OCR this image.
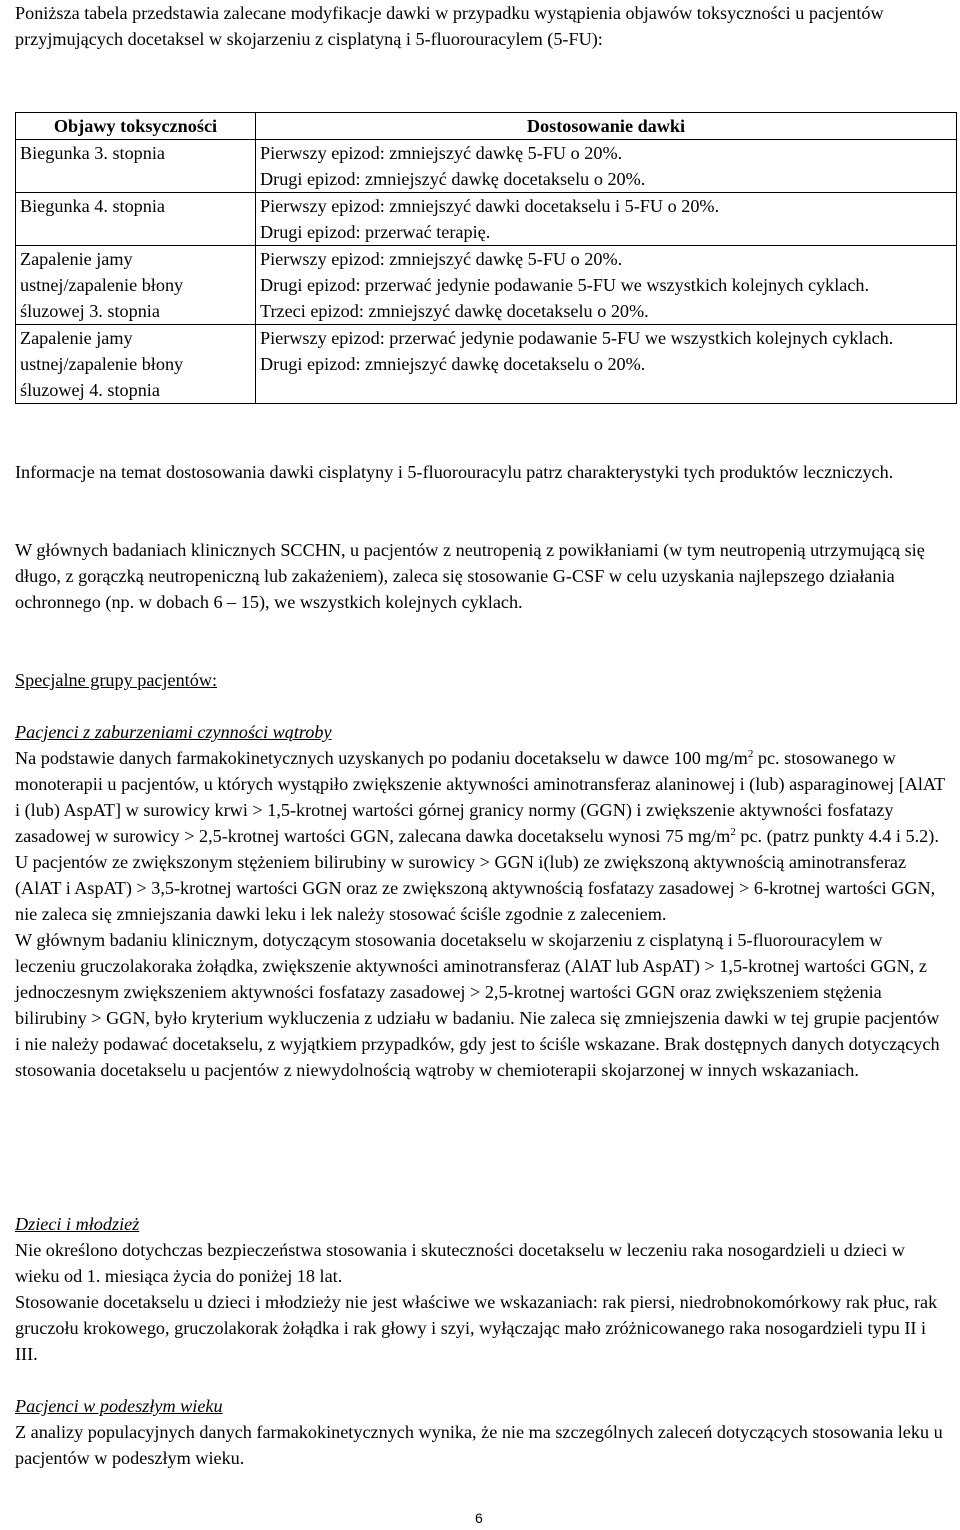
Poniższa tabela przedstawia zalecane modyfikacje dawki w przypadku wystąpienia objawów toksyczności u pacjentów przyjmujących docetaksel w skojarzeniu z cisplatyną i 5-fluorouracylem (5-FU):

Objawy toksyczności	Dostosowanie dawki
Biegunka 3. stopnia	Pierwszy epizod: zmniejszyć dawkę 5-FU o 20%.
Drugi epizod: zmniejszyć dawkę docetakselu o 20%.

Biegunka 4. stopnia	Pierwszy epizod: zmniejszyć dawki docetakselu i 5-FU o 20%.
Drugi epizod: przerwać terapię.

Zapalenie jamy ustnej/zapalenie błony śluzowej 3. stopnia	Pierwszy epizod: zmniejszyć dawkę 5-FU o 20%.
Drugi epizod: przerwać jedynie podawanie 5-FU we wszystkich kolejnych cyklach.
Trzeci epizod: zmniejszyć dawkę docetakselu o 20%.

Zapalenie jamy ustnej/zapalenie błony śluzowej 4. stopnia	Pierwszy epizod: przerwać jedynie podawanie 5-FU we wszystkich kolejnych cyklach.
Drugi epizod: zmniejszyć dawkę docetakselu o 20%.

Informacje na temat dostosowania dawki cisplatyny i 5-fluorouracylu patrz charakterystyki tych produktów leczniczych.

W głównych badaniach klinicznych SCCHN, u pacjentów z neutropenią z powikłaniami (w tym neutropenią utrzymującą się długo, z gorączką neutropeniczną lub zakażeniem), zaleca się stosowanie G-CSF w celu uzyskania najlepszego działania ochronnego (np. w dobach 6 – 15), we wszystkich kolejnych cyklach.

Specjalne grupy pacjentów:

Pacjenci z zaburzeniami czynności wątroby

Na podstawie danych farmakokinetycznych uzyskanych po podaniu docetakselu w dawce 100 $mg/m^2$ pc. stosowanego w monoterapii u pacjentów, u których wystąpiło zwiększenie aktywności aminotransferaz alaninowej i (lub) asparaginowej [AlAT i (lub) AspAT] w surowicy krwi > 1,5-krotnej wartości górnej granicy normy (GGN) i zwiększenie aktywności fosfatazy zasadowej w surowicy > 2,5-krotnej wartości GGN, zalecana dawka docetakselu wynosi 75 $mg/m^2$ pc. (patrz punkty 4.4 i 5.2). U pacjentów ze zwiększonym stężeniem bilirubiny w surowicy > GGN i(lub) ze zwiększoną aktywnością aminotransferaz (AlAT i AspAT) > 3,5-krotnej wartości GGN oraz ze zwiększoną aktywnością fosfatazy zasadowej > 6-krotnej wartości GGN, nie zaleca się zmniejszania dawki leku i lek należy stosować ściśle zgodnie z zaleceniem.

W głównym badaniu klinicznym, dotyczącym stosowania docetakselu w skojarzeniu z cisplatyną i 5-fluorouracylem w leczeniu gruczolakoraka żołądka, zwiększenie aktywności aminotransferaz (AlAT lub AspAT) > 1,5-krotnej wartości GGN, z jednoczesnym zwiększeniem aktywności fosfatazy zasadowej > 2,5-krotnej wartości GGN oraz zwiększeniem stężenia bilirubiny > GGN, było kryterium wykluczenia z udziału w badaniu. Nie zaleca się zmniejszenia dawki w tej grupie pacjentów i nie należy podawać docetakselu, z wyjątkiem przypadków, gdy jest to ściśle wskazane. Brak dostępnych danych dotyczących stosowania docetakselu u pacjentów z niewydolnością wątroby w chemioterapii skojarzonej w innych wskazaniach.

Dzieci i młodzież

Nie określono dotychczas bezpieczeństwa stosowania i skuteczności docetakselu w leczeniu raka nosogardzieli u dzieci w wieku od 1. miesiąca życia do poniżej 18 lat.

Stosowanie docetakselu u dzieci i młodzieży nie jest właściwe we wskazaniach: rak piersi, niedrobnokomórkowy rak płuc, rak gruczołu krokowego, gruczolakorak żołądka i rak głowy i szyi, wyłączając mało zróżnicowanego raka nosogardzieli typu II i III.

Pacjenci w podeszłym wieku

Z analizy populacyjnych danych farmakokinetycznych wynika, że nie ma szczególnych zaleceń dotyczących stosowania leku u pacjentów w podeszłym wieku.

6
